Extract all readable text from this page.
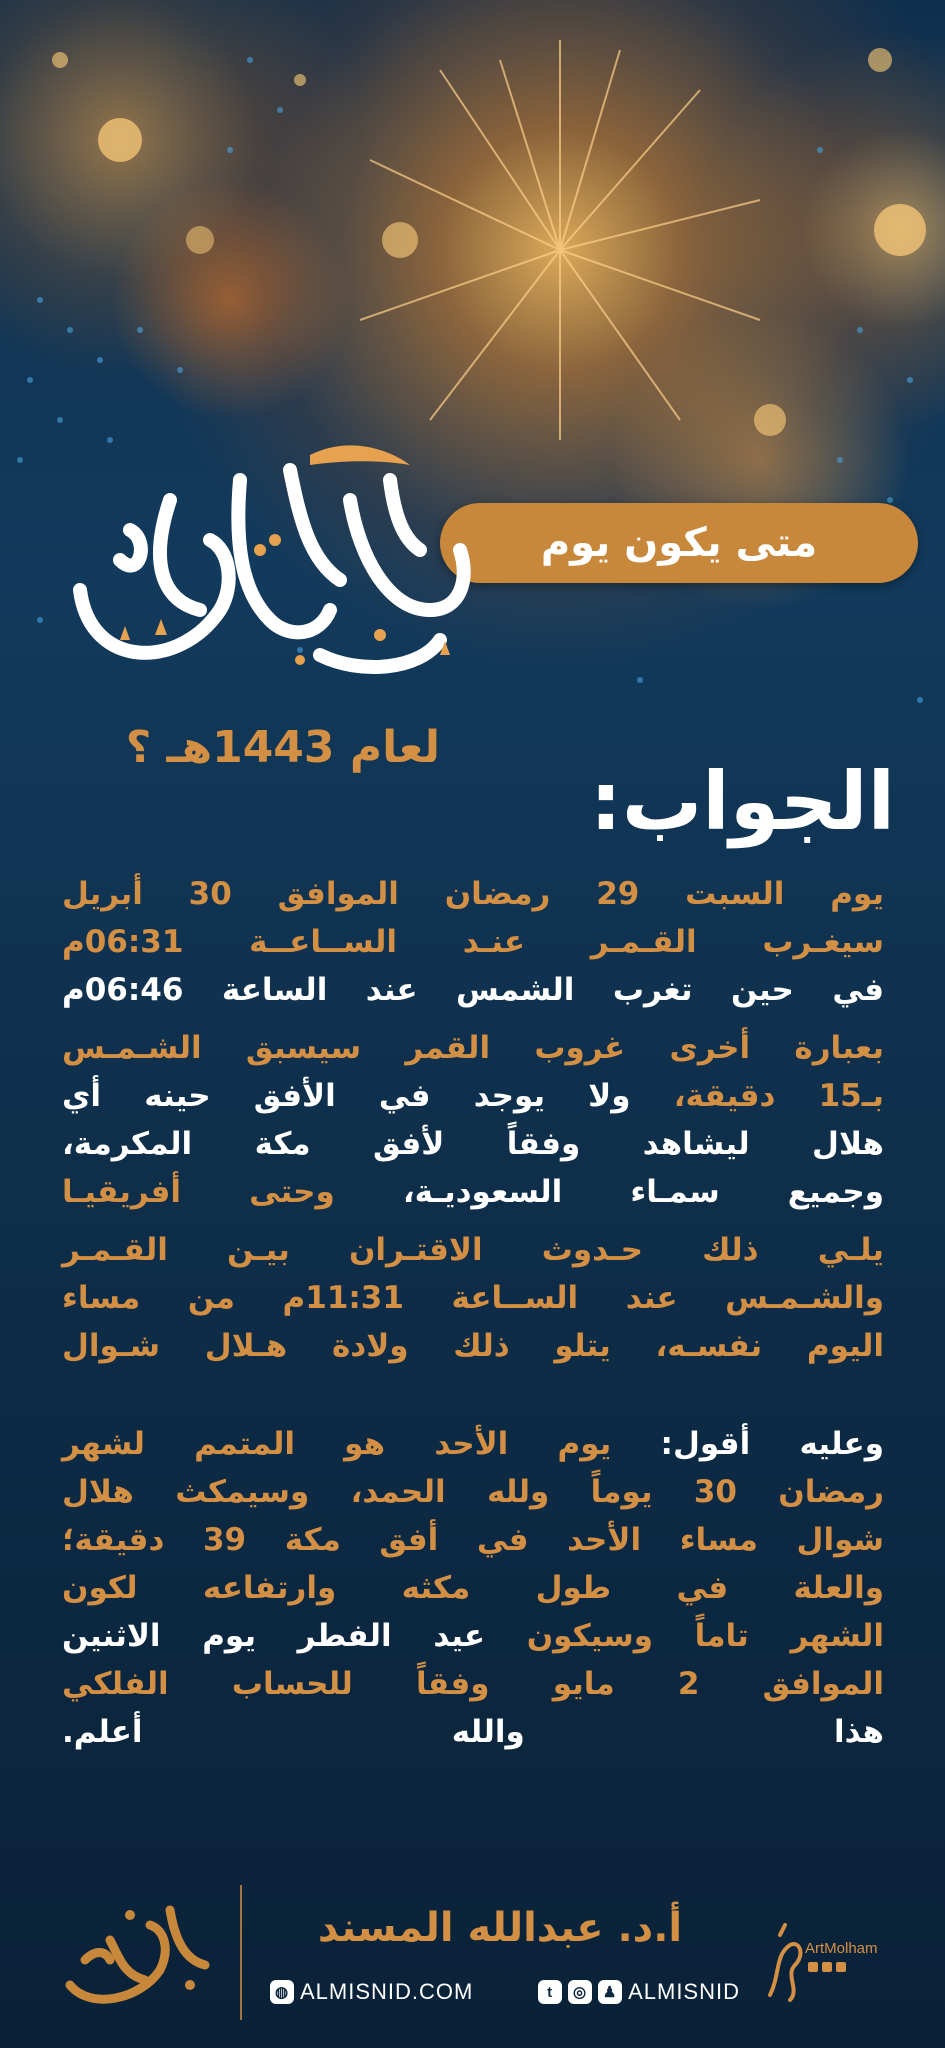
متى يكون يوم
لعام 1443هـ ؟
الجواب:
يوم السبت 29 رمضان الموافق 30 أبريل
سيغـرب القـمـر عنـد الســاعــة 06:31م
في حين تغرب الشمس عند الساعة 06:46م
بعبارة أخرى غروب القمر سيسبق الشـمـس
بـ15 دقيقة، ولا يوجد في الأفق حينه أي
هلال ليشاهد وفقاً لأفق مكة المكرمة،
وجميع سمـاء السعوديـة، وحتى أفريقيـا
يلـي ذلك حـدوث الاقتـران بيـن القـمـر
والشـمـس عند الســاعة 11:31م من مساء
اليوم نفسـه، يتلو ذلك ولادة هـلال شـوال
وعليه أقول: يوم الأحد هو المتمم لشهر
رمضان 30 يوماً ولله الحمد، وسيمكث هلال
شوال مساء الأحد في أفق مكة 39 دقيقة؛
والعلة في طول مكثه وارتفاعه لكون
الشهر تاماً وسيكون عيد الفطر يوم الاثنين
الموافق 2 مايو وفقاً للحساب الفلكي
هذا والله أعلم.
أ.د. عبدالله المسند
◍ ALMISNID.COM	t	◎	♟ ALMISNID
ArtMolham
